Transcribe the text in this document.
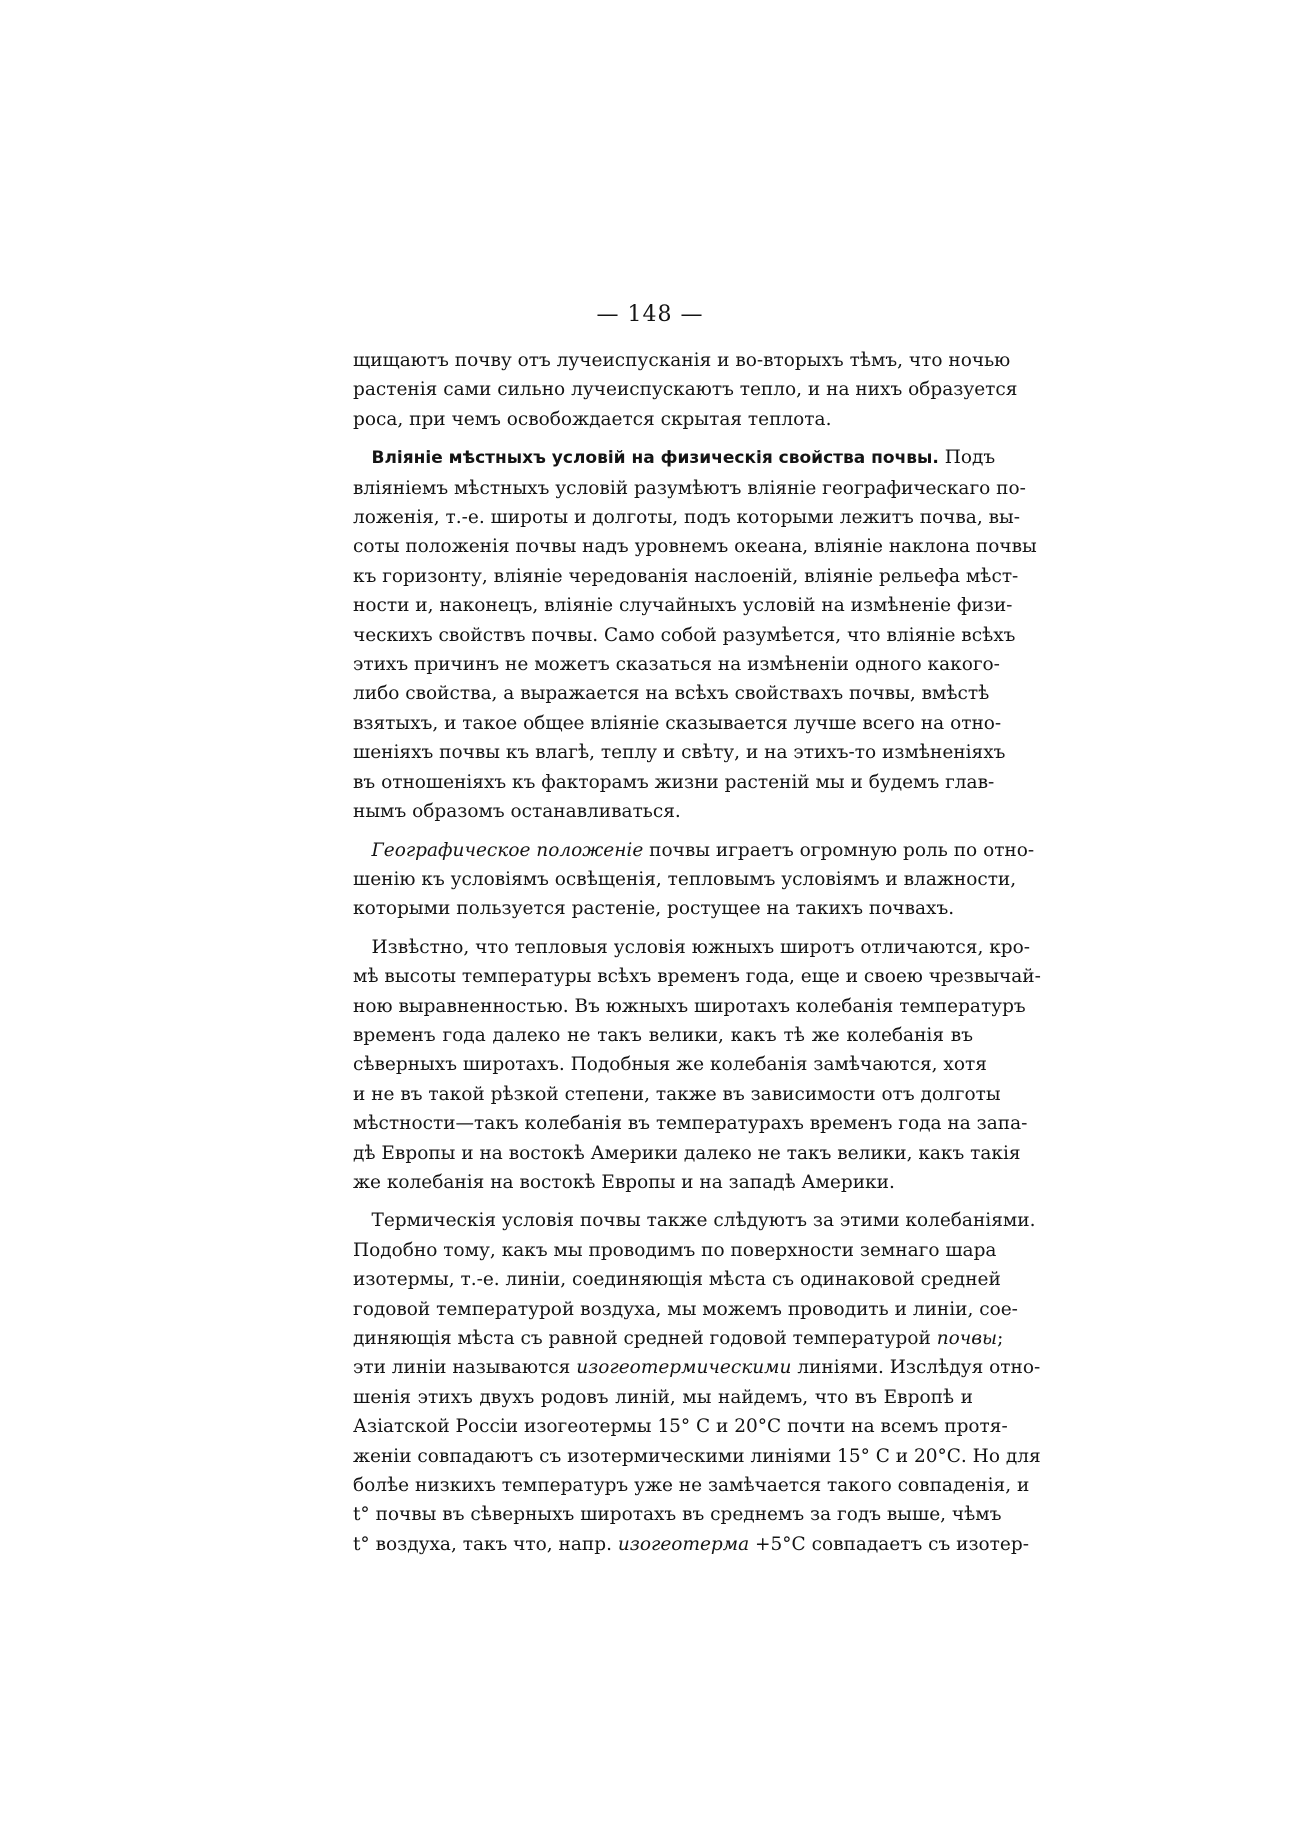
— 148 —
щищаютъ почву отъ лучеиспусканія и во-вторыхъ тѣмъ, что ночью
растенія сами сильно лучеиспускаютъ тепло, и на нихъ образуется
роса, при чемъ освобождается скрытая теплота.
 Вліяніе мѣстныхъ условій на физическія свойства почвы. Подъ
вліяніемъ мѣстныхъ условій разумѣютъ вліяніе географическаго по-
ложенія, т.-е. широты и долготы, подъ которыми лежитъ почва, вы-
соты положенія почвы надъ уровнемъ океана, вліяніе наклона почвы
къ горизонту, вліяніе чередованія наслоеній, вліяніе рельефа мѣст-
ности и, наконецъ, вліяніе случайныхъ условій на измѣненіе физи-
ческихъ свойствъ почвы. Само собой разумѣется, что вліяніе всѣхъ
этихъ причинъ не можетъ сказаться на измѣненіи одного какого-
либо свойства, а выражается на всѣхъ свойствахъ почвы, вмѣстѣ
взятыхъ, и такое общее вліяніе сказывается лучше всего на отно-
шеніяхъ почвы къ влагѣ, теплу и свѣту, и на этихъ-то измѣненіяхъ
въ отношеніяхъ къ факторамъ жизни растеній мы и будемъ глав-
нымъ образомъ останавливаться.
 Географическое положеніе почвы играетъ огромную роль по отно-
шенію къ условіямъ освѣщенія, тепловымъ условіямъ и влажности,
которыми пользуется растеніе, ростущее на такихъ почвахъ.
 Извѣстно, что тепловыя условія южныхъ широтъ отличаются, кро-
мѣ высоты температуры всѣхъ временъ года, еще и своею чрезвычай-
ною выравненностью. Въ южныхъ широтахъ колебанія температуръ
временъ года далеко не такъ велики, какъ тѣ же колебанія въ
сѣверныхъ широтахъ. Подобныя же колебанія замѣчаются, хотя
и не въ такой рѣзкой степени, также въ зависимости отъ долготы
мѣстности—такъ колебанія въ температурахъ временъ года на запа-
дѣ Европы и на востокѣ Америки далеко не такъ велики, какъ такія
же колебанія на востокѣ Европы и на западѣ Америки.
 Термическія условія почвы также слѣдуютъ за этими колебаніями.
Подобно тому, какъ мы проводимъ по поверхности земнаго шара
изотермы, т.-е. линіи, соединяющія мѣста съ одинаковой средней
годовой температурой воздуха, мы можемъ проводить и линіи, сое-
диняющія мѣста съ равной средней годовой температурой почвы;
эти линіи называются изогеотермическими линіями. Изслѣдуя отно-
шенія этихъ двухъ родовъ линій, мы найдемъ, что въ Европѣ и
Азіатской Россіи изогеотермы 15° С и 20°С почти на всемъ протя-
женіи совпадаютъ съ изотермическими линіями 15° С и 20°С. Но для
болѣе низкихъ температуръ уже не замѣчается такого совпаденія, и
t° почвы въ сѣверныхъ широтахъ въ среднемъ за годъ выше, чѣмъ
t° воздуха, такъ что, напр. изогеотерма +5°С совпадаетъ съ изотер-
